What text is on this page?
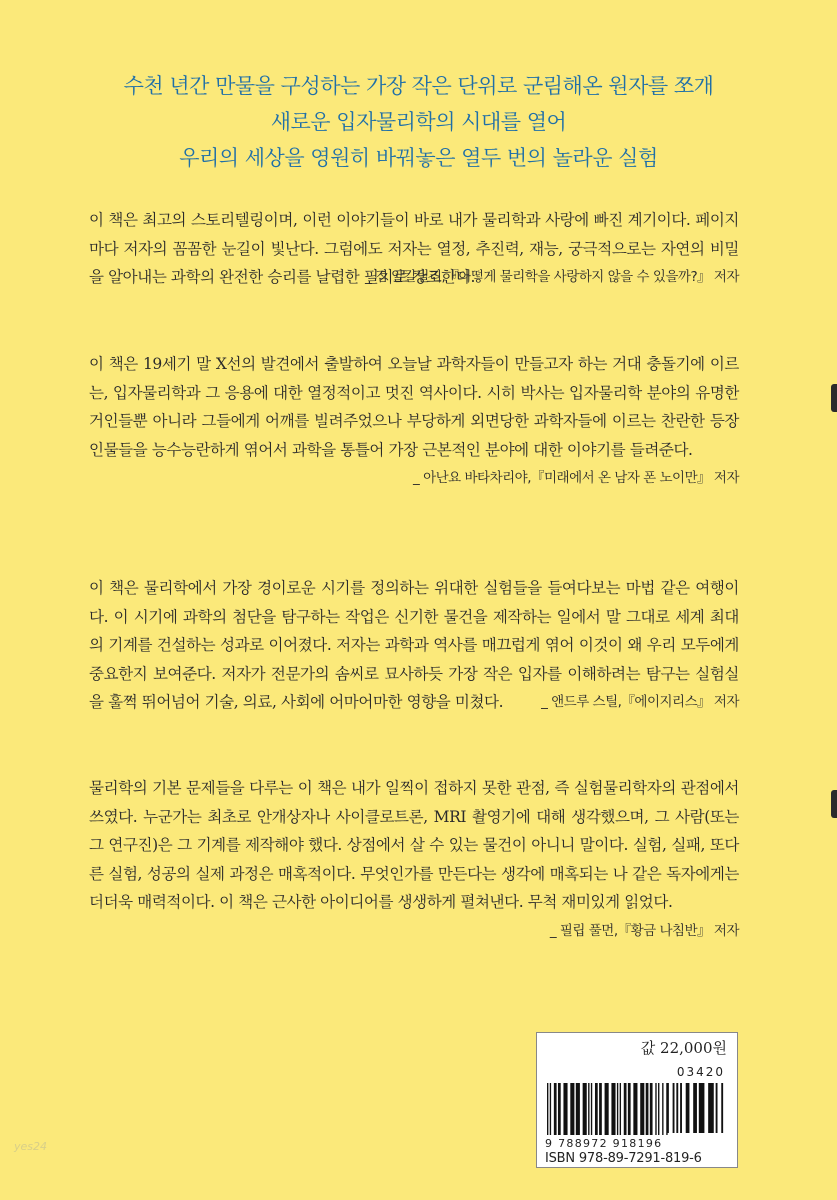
수천 년간 만물을 구성하는 가장 작은 단위로 군림해온 원자를 쪼개
새로운 입자물리학의 시대를 열어
우리의 세상을 영원히 바꿔놓은 열두 번의 놀라운 실험

이 책은 최고의 스토리텔링이며, 이런 이야기들이 바로 내가 물리학과 사랑에 빠진 계기이다. 페이지마다 저자의 꼼꼼한 눈길이 빛난다. 그럼에도 저자는 열정, 추진력, 재능, 궁극적으로는 자연의 비밀을 알아내는 과학의 완전한 승리를 날렵한 필치로 강조한다.

_ 짐 알칼릴리,『어떻게 물리학을 사랑하지 않을 수 있을까?』 저자

이 책은 19세기 말 X선의 발견에서 출발하여 오늘날 과학자들이 만들고자 하는 거대 충돌기에 이르는, 입자물리학과 그 응용에 대한 열정적이고 멋진 역사이다. 시히 박사는 입자물리학 분야의 유명한 거인들뿐 아니라 그들에게 어깨를 빌려주었으나 부당하게 외면당한 과학자들에 이르는 찬란한 등장인물들을 능수능란하게 엮어서 과학을 통틀어 가장 근본적인 분야에 대한 이야기를 들려준다.

_ 아난요 바타차리야,『미래에서 온 남자 폰 노이만』 저자

이 책은 물리학에서 가장 경이로운 시기를 정의하는 위대한 실험들을 들여다보는 마법 같은 여행이다. 이 시기에 과학의 첨단을 탐구하는 작업은 신기한 물건을 제작하는 일에서 말 그대로 세계 최대의 기계를 건설하는 성과로 이어졌다. 저자는 과학과 역사를 매끄럽게 엮어 이것이 왜 우리 모두에게 중요한지 보여준다. 저자가 전문가의 솜씨로 묘사하듯 가장 작은 입자를 이해하려는 탐구는 실험실을 훌쩍 뛰어넘어 기술, 의료, 사회에 어마어마한 영향을 미쳤다.	_ 앤드루 스틸,『에이지리스』 저자

물리학의 기본 문제들을 다루는 이 책은 내가 일찍이 접하지 못한 관점, 즉 실험물리학자의 관점에서 쓰였다. 누군가는 최초로 안개상자나 사이클로트론, MRI 촬영기에 대해 생각했으며, 그 사람(또는 그 연구진)은 그 기계를 제작해야 했다. 상점에서 살 수 있는 물건이 아니니 말이다. 실험, 실패, 또다른 실험, 성공의 실제 과정은 매혹적이다. 무엇인가를 만든다는 생각에 매혹되는 나 같은 독자에게는 더더욱 매력적이다. 이 책은 근사한 아이디어를 생생하게 펼쳐낸다. 무척 재미있게 읽었다.

_ 필립 풀먼,『황금 나침반』 저자
값 22,000원
03420
9 788972 918196
ISBN 978-89-7291-819-6
yes24
